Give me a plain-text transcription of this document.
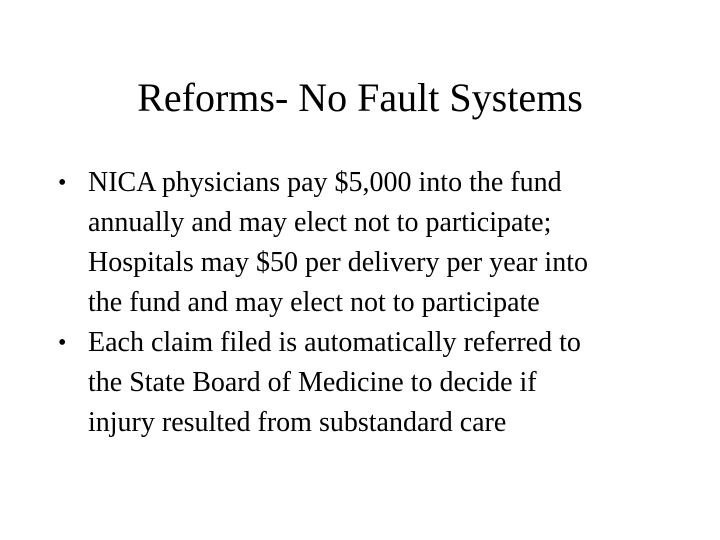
Reforms- No Fault Systems
• NICA physicians pay $5,000 into the fund
annually and may elect not to participate;
Hospitals may $50 per delivery per year into
the fund and may elect not to participate
• Each claim filed is automatically referred to
the State Board of Medicine to decide if
injury resulted from substandard care
